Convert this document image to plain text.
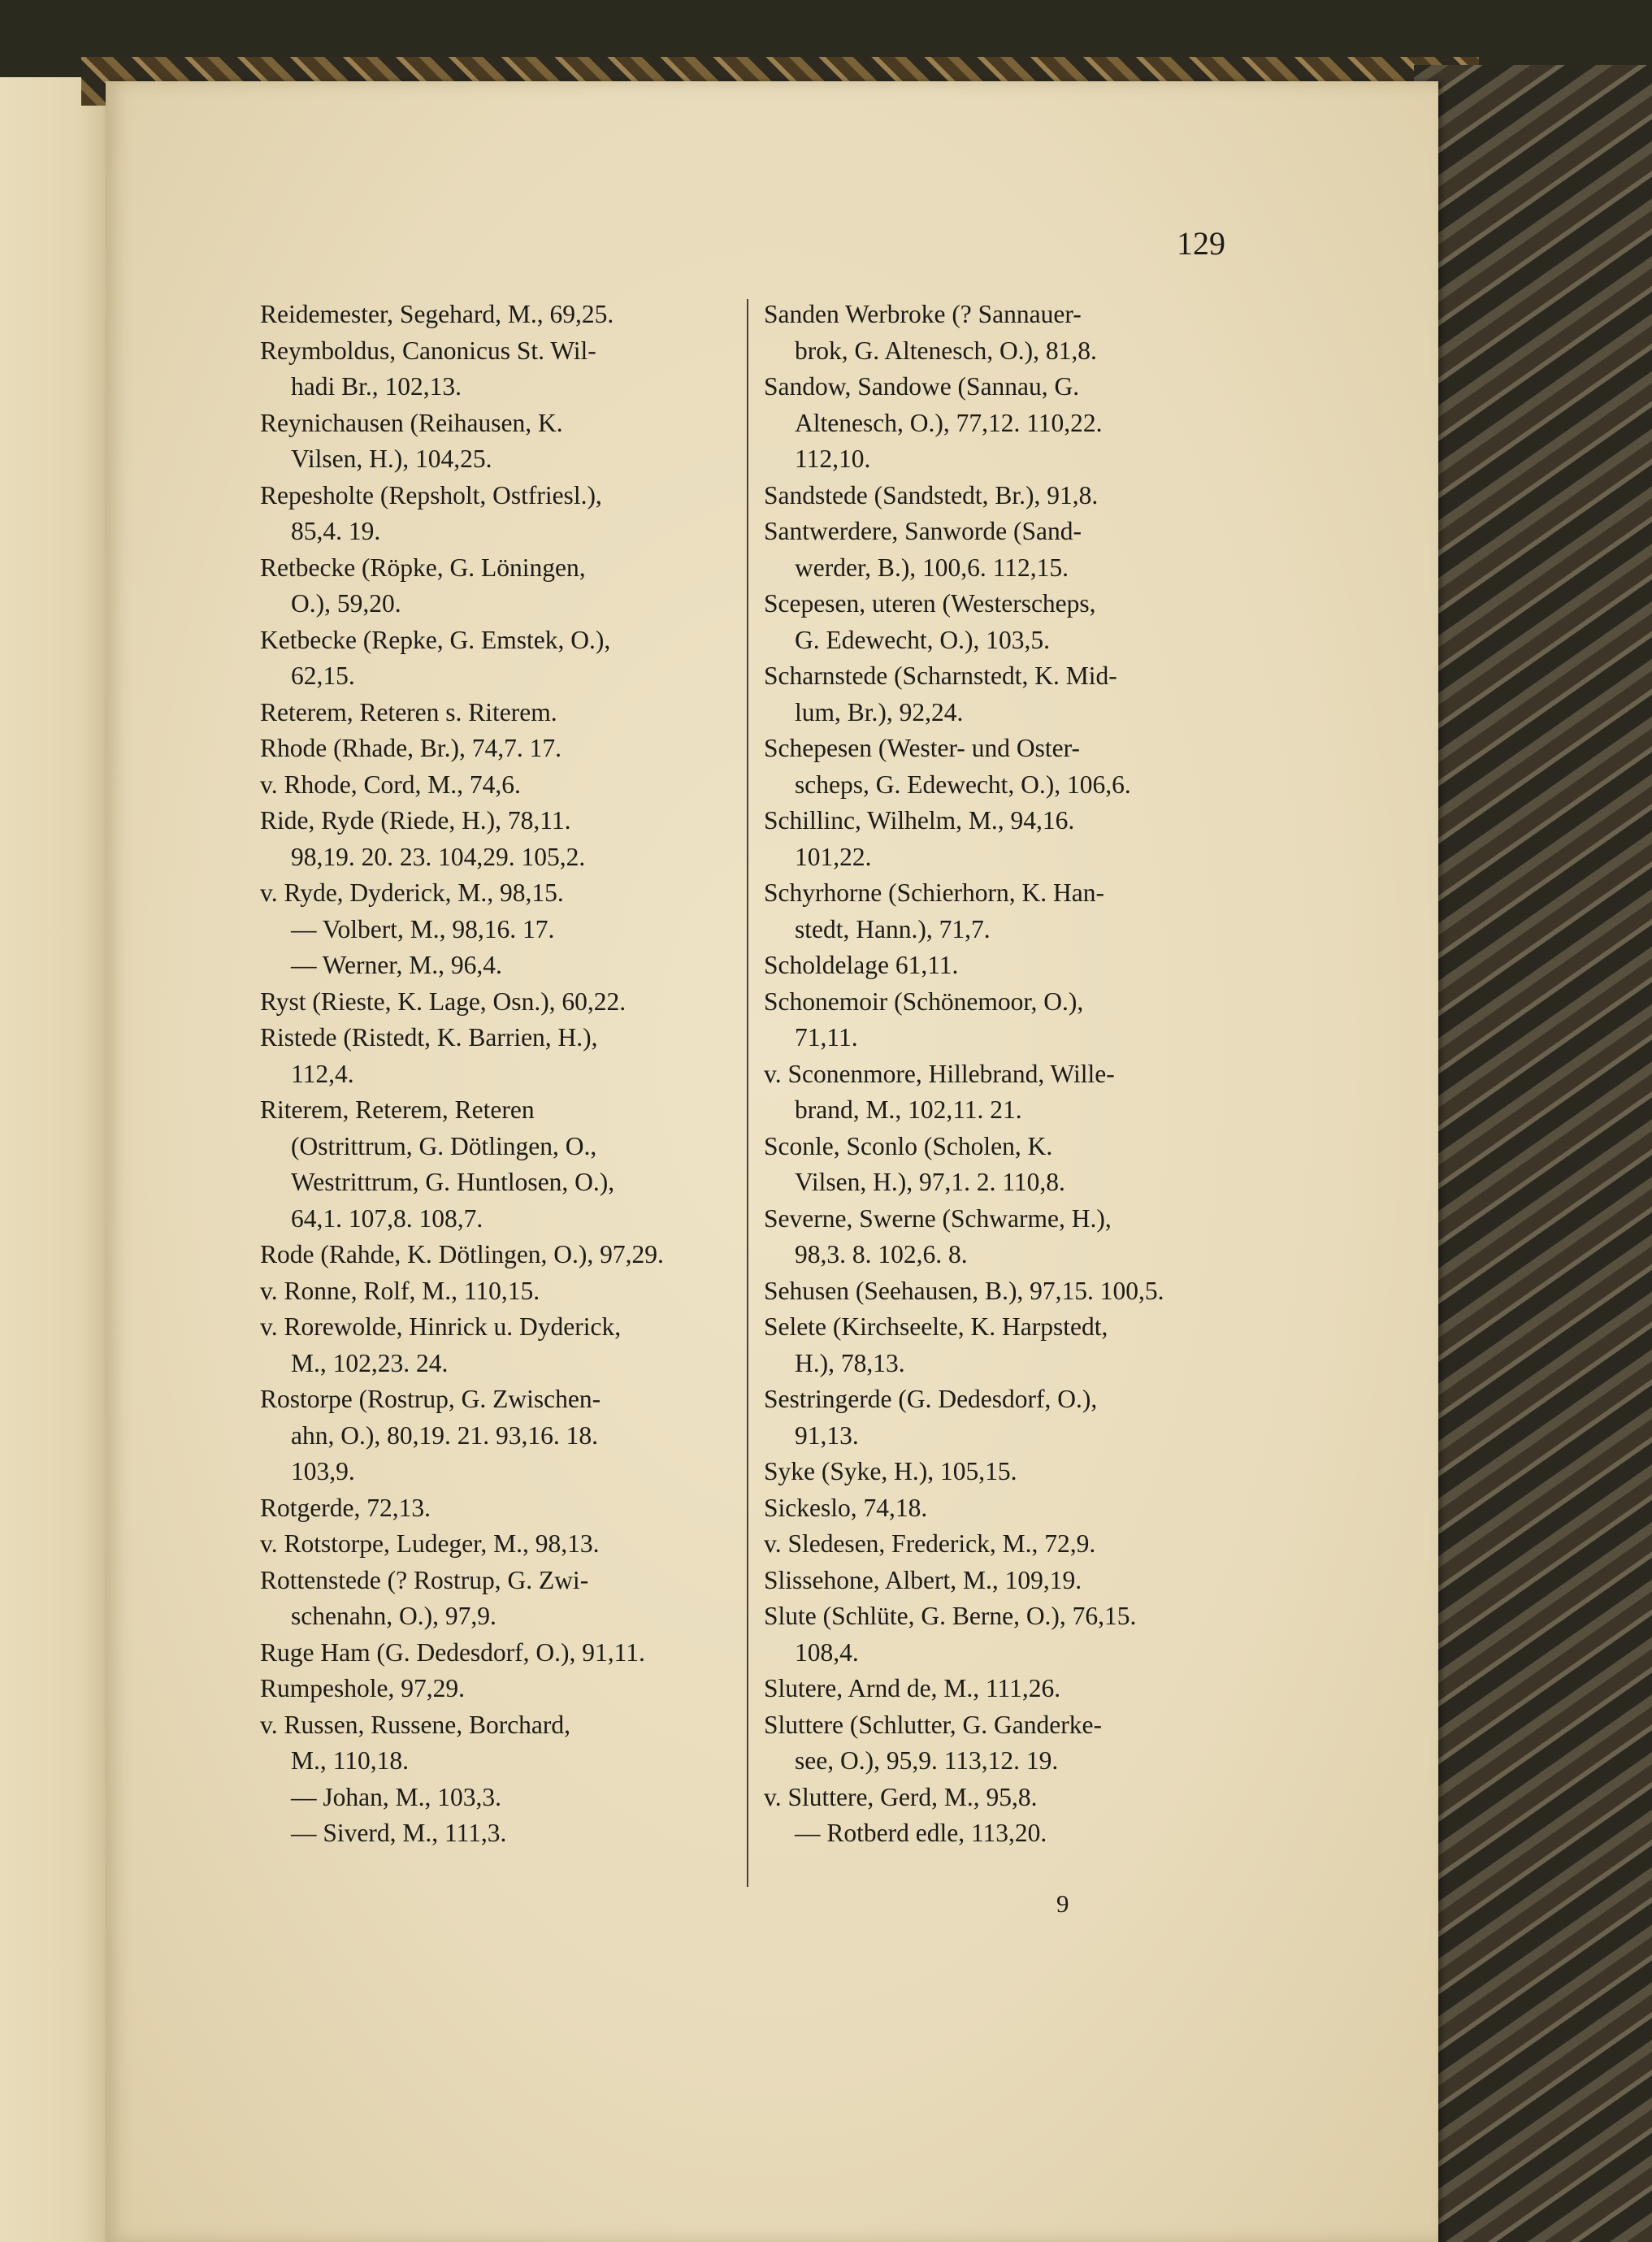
129
Reidemester, Segehard, M., 69,25.
Reymboldus, Canonicus St. Wil-
hadi Br., 102,13.
Reynichausen (Reihausen, K.
Vilsen, H.), 104,25.
Repesholte (Repsholt, Ostfriesl.),
85,4. 19.
Retbecke (Röpke, G. Löningen,
O.), 59,20.
Ketbecke (Repke, G. Emstek, O.),
62,15.
Reterem, Reteren s. Riterem.
Rhode (Rhade, Br.), 74,7. 17.
v. Rhode, Cord, M., 74,6.
Ride, Ryde (Riede, H.), 78,11.
98,19. 20. 23. 104,29. 105,2.
v. Ryde, Dyderick, M., 98,15.
— Volbert, M., 98,16. 17.
— Werner, M., 96,4.
Ryst (Rieste, K. Lage, Osn.), 60,22.
Ristede (Ristedt, K. Barrien, H.),
112,4.
Riterem, Reterem, Reteren
(Ostrittrum, G. Dötlingen, O.,
Westrittrum, G. Huntlosen, O.),
64,1. 107,8. 108,7.
Rode (Rahde, K. Dötlingen, O.), 97,29.
v. Ronne, Rolf, M., 110,15.
v. Rorewolde, Hinrick u. Dyderick,
M., 102,23. 24.
Rostorpe (Rostrup, G. Zwischen-
ahn, O.), 80,19. 21. 93,16. 18.
103,9.
Rotgerde, 72,13.
v. Rotstorpe, Ludeger, M., 98,13.
Rottenstede (? Rostrup, G. Zwi-
schenahn, O.), 97,9.
Ruge Ham (G. Dedesdorf, O.), 91,11.
Rumpeshole, 97,29.
v. Russen, Russene, Borchard,
M., 110,18.
— Johan, M., 103,3.
— Siverd, M., 111,3.
Sanden Werbroke (? Sannauer-
brok, G. Altenesch, O.), 81,8.
Sandow, Sandowe (Sannau, G.
Altenesch, O.), 77,12. 110,22.
112,10.
Sandstede (Sandstedt, Br.), 91,8.
Santwerdere, Sanworde (Sand-
werder, B.), 100,6. 112,15.
Scepesen, uteren (Westerscheps,
G. Edewecht, O.), 103,5.
Scharnstede (Scharnstedt, K. Mid-
lum, Br.), 92,24.
Schepesen (Wester- und Oster-
scheps, G. Edewecht, O.), 106,6.
Schillinc, Wilhelm, M., 94,16.
101,22.
Schyrhorne (Schierhorn, K. Han-
stedt, Hann.), 71,7.
Scholdelage 61,11.
Schonemoir (Schönemoor, O.),
71,11.
v. Sconenmore, Hillebrand, Wille-
brand, M., 102,11. 21.
Sconle, Sconlo (Scholen, K.
Vilsen, H.), 97,1. 2. 110,8.
Severne, Swerne (Schwarme, H.),
98,3. 8. 102,6. 8.
Sehusen (Seehausen, B.), 97,15. 100,5.
Selete (Kirchseelte, K. Harpstedt,
H.), 78,13.
Sestringerde (G. Dedesdorf, O.),
91,13.
Syke (Syke, H.), 105,15.
Sickeslo, 74,18.
v. Sledesen, Frederick, M., 72,9.
Slissehone, Albert, M., 109,19.
Slute (Schlüte, G. Berne, O.), 76,15.
108,4.
Slutere, Arnd de, M., 111,26.
Sluttere (Schlutter, G. Ganderke-
see, O.), 95,9. 113,12. 19.
v. Sluttere, Gerd, M., 95,8.
— Rotberd edle, 113,20.
9
